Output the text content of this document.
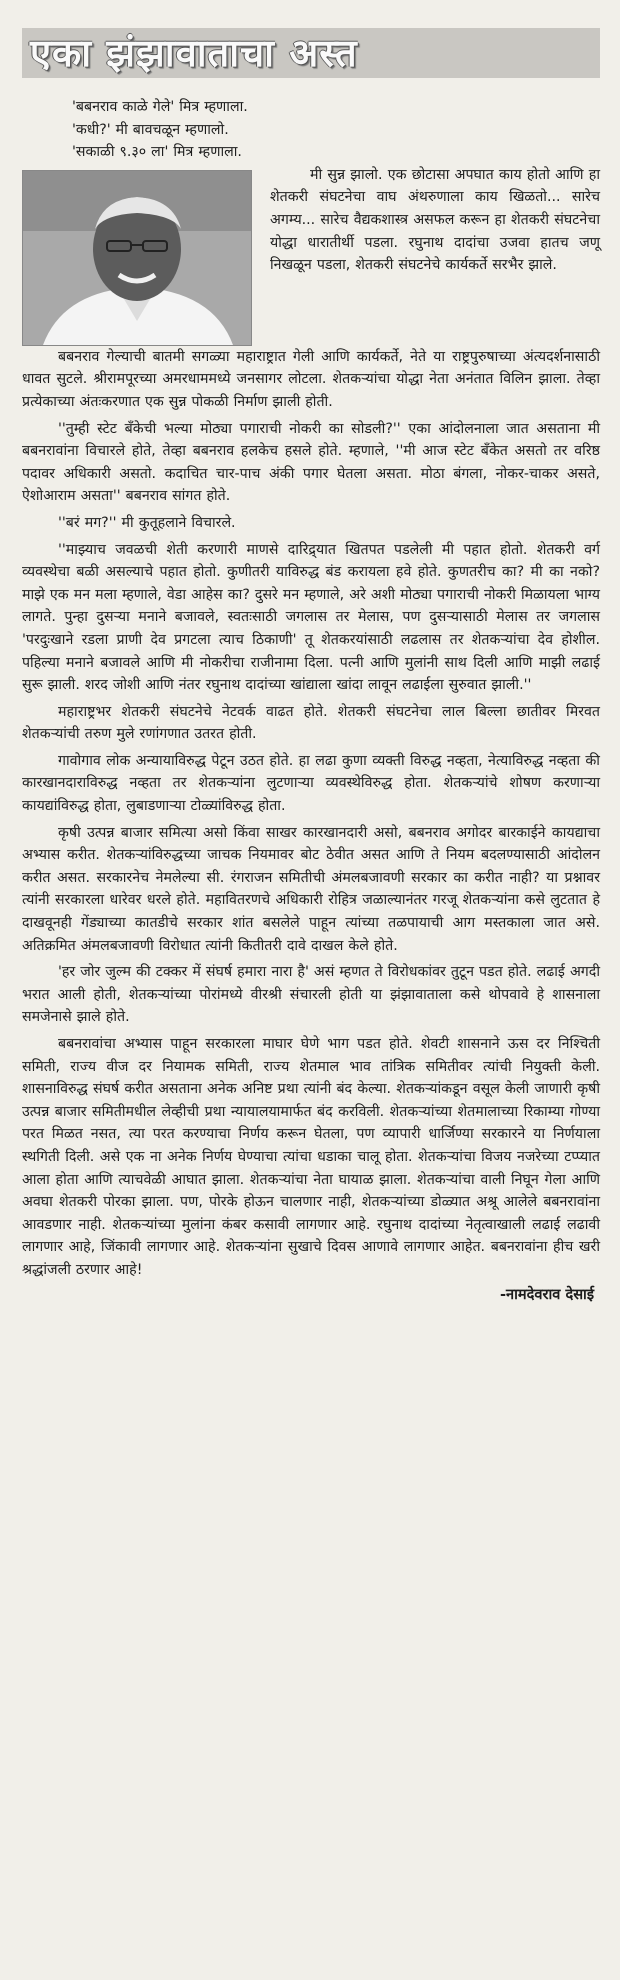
एका झंझावाताचा अस्त

'बबनराव काळे गेले' मित्र म्हणाला.

'कधी?' मी बावचळून म्हणालो.

'सकाळी ९.३० ला' मित्र म्हणाला.

मी सुन्न झालो. एक छोटासा अपघात काय होतो आणि हा शेतकरी संघटनेचा वाघ अंथरुणाला काय खिळतो... सारेच अगम्य... सारेच वैद्यकशास्त्र असफल करून हा शेतकरी संघटनेचा योद्धा धारातीर्थी पडला. रघुनाथ दादांचा उजवा हातच जणू निखळून पडला, शेतकरी संघटनेचे कार्यकर्ते सरभैर झाले.

बबनराव गेल्याची बातमी सगळ्या महाराष्ट्रात गेली आणि कार्यकर्ते, नेते या राष्ट्रपुरुषाच्या अंत्यदर्शनासाठी धावत सुटले. श्रीरामपूरच्या अमरधाममध्ये जनसागर लोटला. शेतकऱ्यांचा योद्धा नेता अनंतात विलिन झाला. तेव्हा प्रत्येकाच्या अंतःकरणात एक सुन्न पोकळी निर्माण झाली होती.

''तुम्ही स्टेट बँकेची भल्या मोठ्या पगाराची नोकरी का सोडली?'' एका आंदोलनाला जात असताना मी बबनरावांना विचारले होते, तेव्हा बबनराव हलकेच हसले होते. म्हणाले, ''मी आज स्टेट बँकेत असतो तर वरिष्ठ पदावर अधिकारी असतो. कदाचित चार-पाच अंकी पगार घेतला असता. मोठा बंगला, नोकर-चाकर असते, ऐशोआराम असता'' बबनराव सांगत होते.

''बरं मग?'' मी कुतूहलाने विचारले.

''माझ्याच जवळची शेती करणारी माणसे दारिद्र्यात खितपत पडलेली मी पहात होतो. शेतकरी वर्ग व्यवस्थेचा बळी असल्याचे पहात होतो. कुणीतरी याविरुद्ध बंड करायला हवे होते. कुणतरीच का? मी का नको? माझे एक मन मला म्हणाले, वेडा आहेस का? दुसरे मन म्हणाले, अरे अशी मोठ्या पगाराची नोकरी मिळायला भाग्य लागते. पुन्हा दुसऱ्या मनाने बजावले, स्वतःसाठी जगलास तर मेलास, पण दुसऱ्यासाठी मेलास तर जगलास 'परदुःखाने रडला प्राणी देव प्रगटला त्याच ठिकाणी' तू शेतकरयांसाठी लढलास तर शेतकऱ्यांचा देव होशील. पहिल्या मनाने बजावले आणि मी नोकरीचा राजीनामा दिला. पत्नी आणि मुलांनी साथ दिली आणि माझी लढाई सुरू झाली. शरद जोशी आणि नंतर रघुनाथ दादांच्या खांद्याला खांदा लावून लढाईला सुरुवात झाली.''

महाराष्ट्रभर शेतकरी संघटनेचे नेटवर्क वाढत होते. शेतकरी संघटनेचा लाल बिल्ला छातीवर मिरवत शेतकऱ्यांची तरुण मुले रणांगणात उतरत होती.

गावोगाव लोक अन्यायाविरुद्ध पेटून उठत होते. हा लढा कुणा व्यक्ती विरुद्ध नव्हता, नेत्याविरुद्ध नव्हता की कारखानदाराविरुद्ध नव्हता तर शेतकऱ्यांना लुटणाऱ्या व्यवस्थेविरुद्ध होता. शेतकऱ्यांचे शोषण करणाऱ्या कायद्यांविरुद्ध होता, लुबाडणाऱ्या टोळ्यांविरुद्ध होता.

कृषी उत्पन्न बाजार समित्या असो किंवा साखर कारखानदारी असो, बबनराव अगोदर बारकाईने कायद्याचा अभ्यास करीत. शेतकऱ्यांविरुद्धच्या जाचक नियमावर बोट ठेवीत असत आणि ते नियम बदलण्यासाठी आंदोलन करीत असत. सरकारनेच नेमलेल्या सी. रंगराजन समितीची अंमलबजावणी सरकार का करीत नाही? या प्रश्नावर त्यांनी सरकारला धारेवर धरले होते. महावितरणचे अधिकारी रोहित्र जळाल्यानंतर गरजू शेतकऱ्यांना कसे लुटतात हे दाखवूनही गेंड्याच्या कातडीचे सरकार शांत बसलेले पाहून त्यांच्या तळपायाची आग मस्तकाला जात असे. अतिक्रमित अंमलबजावणी विरोधात त्यांनी कितीतरी दावे दाखल केले होते.

'हर जोर जुल्म की टक्कर में संघर्ष हमारा नारा है' असं म्हणत ते विरोधकांवर तुटून पडत होते. लढाई अगदी भरात आली होती, शेतकऱ्यांच्या पोरांमध्ये वीरश्री संचारली होती या झंझावाताला कसे थोपवावे हे शासनाला समजेनासे झाले होते.

बबनरावांचा अभ्यास पाहून सरकारला माघार घेणे भाग पडत होते. शेवटी शासनाने ऊस दर निश्चिती समिती, राज्य वीज दर नियामक समिती, राज्य शेतमाल भाव तांत्रिक समितीवर त्यांची नियुक्ती केली. शासनाविरुद्ध संघर्ष करीत असताना अनेक अनिष्ट प्रथा त्यांनी बंद केल्या. शेतकऱ्यांकडून वसूल केली जाणारी कृषी उत्पन्न बाजार समितीमधील लेव्हीची प्रथा न्यायालयामार्फत बंद करविली. शेतकऱ्यांच्या शेतमालाच्या रिकाम्या गोण्या परत मिळत नसत, त्या परत करण्याचा निर्णय करून घेतला, पण व्यापारी धार्जिण्या सरकारने या निर्णयाला स्थगिती दिली. असे एक ना अनेक निर्णय घेण्याचा त्यांचा धडाका चालू होता. शेतकऱ्यांचा विजय नजरेच्या टप्प्यात आला होता आणि त्याचवेळी आघात झाला. शेतकऱ्यांचा नेता घायाळ झाला. शेतकऱ्यांचा वाली निघून गेला आणि अवघा शेतकरी पोरका झाला. पण, पोरके होऊन चालणार नाही, शेतकऱ्यांच्या डोळ्यात अश्रू आलेले बबनरावांना आवडणार नाही. शेतकऱ्यांच्या मुलांना कंबर कसावी लागणार आहे. रघुनाथ दादांच्या नेतृत्वाखाली लढाई लढावी लागणार आहे, जिंकावी लागणार आहे. शेतकऱ्यांना सुखाचे दिवस आणावे लागणार आहेत. बबनरावांना हीच खरी श्रद्धांजली ठरणार आहे!

-नामदेवराव देसाई
